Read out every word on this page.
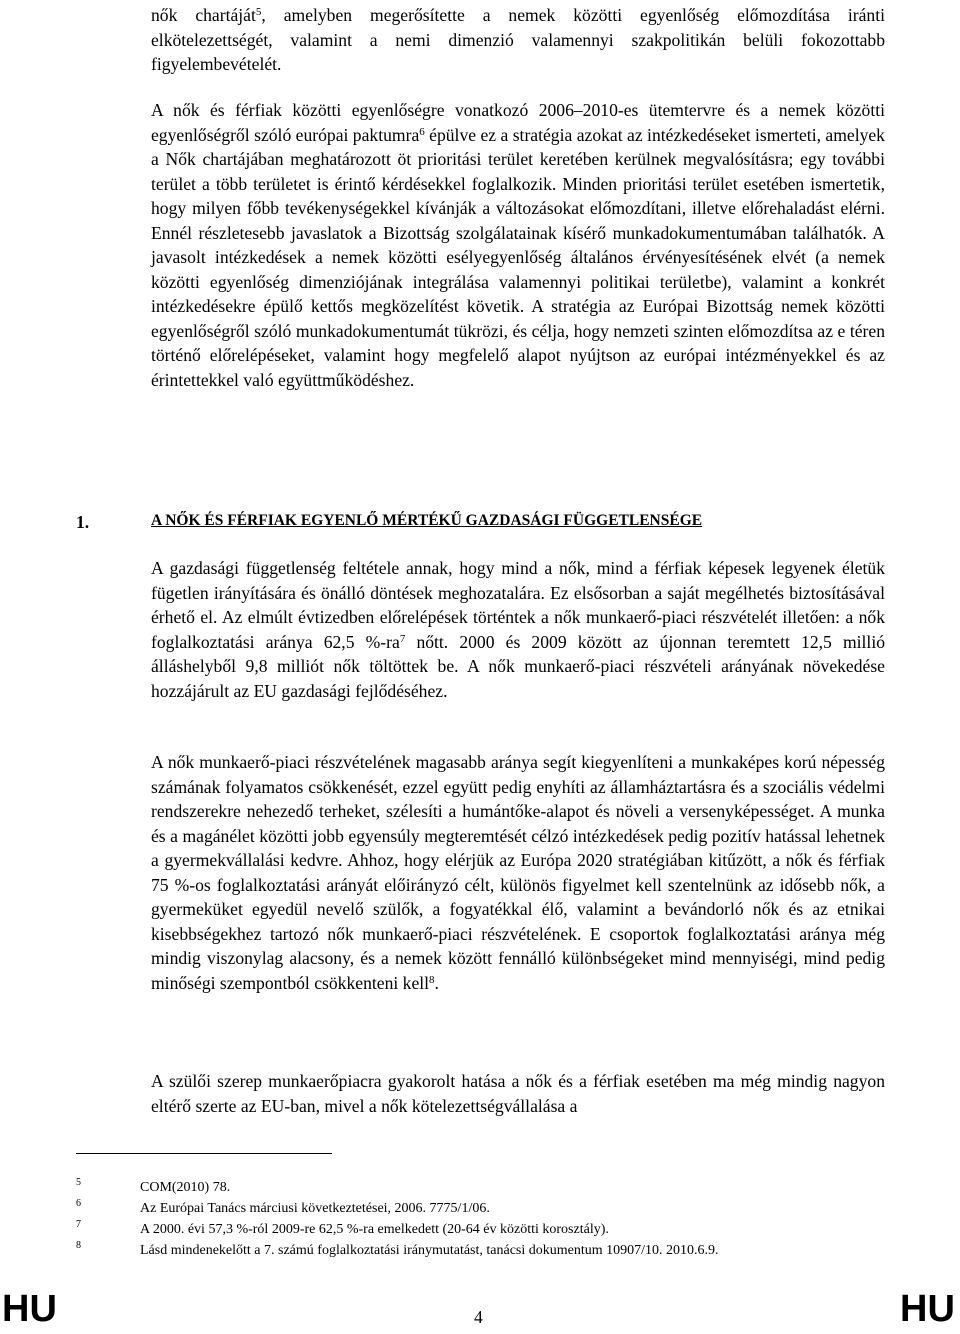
nők chartáját$^5$, amelyben megerősítette a nemek közötti egyenlőség előmozdítása iránti elkötelezettségét, valamint a nemi dimenzió valamennyi szakpolitikán belüli fokozottabb figyelembevételét.

A nők és férfiak közötti egyenlőségre vonatkozó 2006–2010-es ütemtervre és a nemek közötti egyenlőségről szóló európai paktumra$^6$ épülve ez a stratégia azokat az intézkedéseket ismerteti, amelyek a Nők chartájában meghatározott öt prioritási terület keretében kerülnek megvalósításra; egy további terület a több területet is érintő kérdésekkel foglalkozik. Minden prioritási terület esetében ismertetik, hogy milyen főbb tevékenységekkel kívánják a változásokat előmozdítani, illetve előrehaladást elérni. Ennél részletesebb javaslatok a Bizottság szolgálatainak kísérő munkadokumentumában találhatók. A javasolt intézkedések a nemek közötti esélyegyenlőség általános érvényesítésének elvét (a nemek közötti egyenlőség dimenziójának integrálása valamennyi politikai területbe), valamint a konkrét intézkedésekre épülő kettős megközelítést követik. A stratégia az Európai Bizottság nemek közötti egyenlőségről szóló munkadokumentumát tükrözi, és célja, hogy nemzeti szinten előmozdítsa az e téren történő előrelépéseket, valamint hogy megfelelő alapot nyújtson az európai intézményekkel és az érintettekkel való együttműködéshez.

1.	A NŐK ÉS FÉRFIAK EGYENLŐ MÉRTÉKŰ GAZDASÁGI FÜGGETLENSÉGE

A gazdasági függetlenség feltétele annak, hogy mind a nők, mind a férfiak képesek legyenek életük fügetlen irányítására és önálló döntések meghozatalára. Ez elsősorban a saját megélhetés biztosításával érhető el. Az elmúlt évtizedben előrelépések történtek a nők munkaerő-piaci részvételét illetően: a nők foglalkoztatási aránya 62,5 $\%-ra^7$ nőtt. 2000 és 2009 között az újonnan teremtett 12,5 millió álláshelyből 9,8 milliót nők töltöttek be. A nők munkaerő-piaci részvételi arányának növekedése hozzájárult az EU gazdasági fejlődéséhez.

A nők munkaerő-piaci részvételének magasabb aránya segít kiegyenlíteni a munkaképes korú népesség számának folyamatos csökkenését, ezzel együtt pedig enyhíti az államháztartásra és a szociális védelmi rendszerekre nehezedő terheket, szélesíti a humántőke-alapot és növeli a versenyképességet. A munka és a magánélet közötti jobb egyensúly megteremtését célzó intézkedések pedig pozitív hatással lehetnek a gyermekvállalási kedvre. Ahhoz, hogy elérjük az Európa 2020 stratégiában kitűzött, a nők és férfiak 75 %-os foglalkoztatási arányát előirányzó célt, különös figyelmet kell szentelnünk az idősebb nők, a gyermeküket egyedül nevelő szülők, a fogyatékkal élő, valamint a bevándorló nők és az etnikai kisebbségekhez tartozó nők munkaerő-piaci részvételének. E csoportok foglalkoztatási aránya még mindig viszonylag alacsony, és a nemek között fennálló különbségeket mind mennyiségi, mind pedig minőségi szempontból csökkenteni kell$^8$.

A szülői szerep munkaerőpiacra gyakorolt hatása a nők és a férfiak esetében ma még mindig nagyon eltérő szerte az EU-ban, mivel a nők kötelezettségvállalása a

5	COM(2010) 78.
6	Az Európai Tanács márciusi következtetései, 2006. 7775/1/06.
7	A 2000. évi 57,3 %-ról 2009-re 62,5 %-ra emelkedett (20-64 év közötti korosztály).
8	Lásd mindenekelőtt a 7. számú foglalkoztatási iránymutatást, tanácsi dokumentum 10907/10. 2010.6.9.
HU	4	HU
